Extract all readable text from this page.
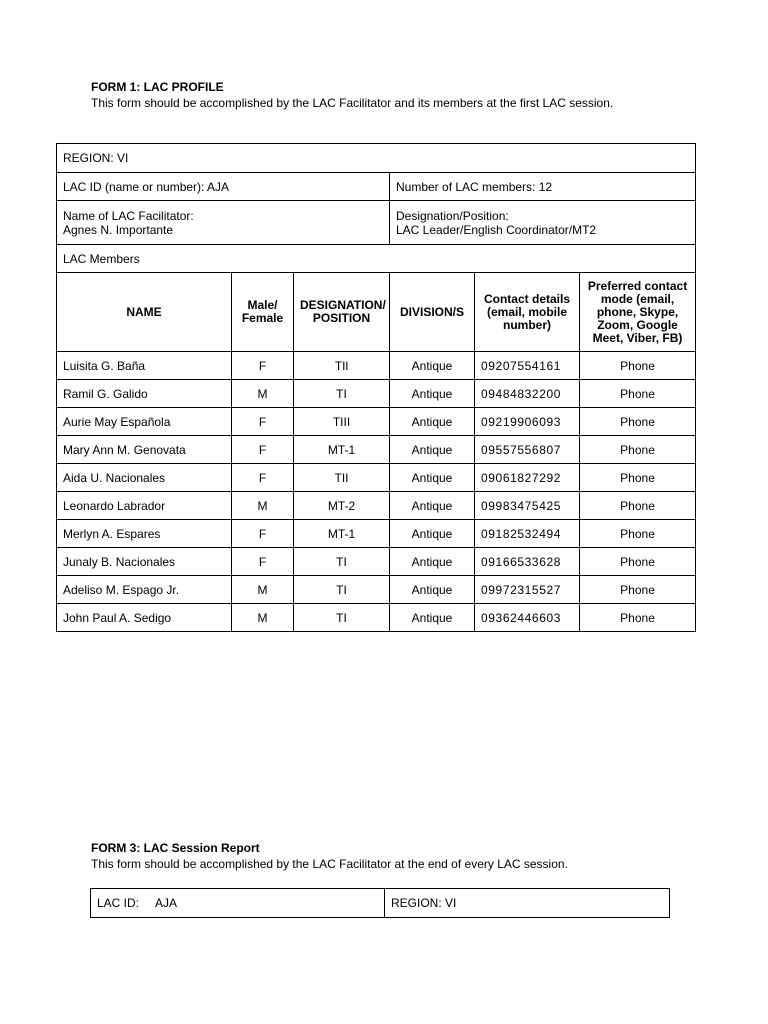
FORM 1: LAC PROFILE
This form should be accomplished by the LAC Facilitator and its members at the first LAC session.
REGION: VI					
LAC ID (name or number): AJA			Number of LAC members: 12		

Name of LAC Facilitator:
Agnes N. Importante			Designation/Position:
LAC Leader/English Coordinator/MT2		

LAC Members					
NAME	Male/ Female	DESIGNATION/ POSITION	DIVISION/S	Contact details (email, mobile number)	Preferred contact mode (email, phone, Skype, Zoom, Google Meet, Viber, FB)
Luisita G. Baña	F	TIl	Antique	09207554161	Phone
Ramil G. Galido	M	TI	Antique	09484832200	Phone
Aurie May Española	F	TIII	Antique	09219906093	Phone
Mary Ann M. Genovata	F	MT-1	Antique	09557556807	Phone
Aida U. Nacionales	F	TII	Antique	09061827292	Phone
Leonardo Labrador	M	MT-2	Antique	09983475425	Phone
Merlyn A. Espares	F	MT-1	Antique	09182532494	Phone
Junaly B. Nacionales	F	TI	Antique	09166533628	Phone
Adeliso M. Espago Jr.	M	TI	Antique	09972315527	Phone
John Paul A. Sedigo	M	TI	Antique	09362446603	Phone
FORM 3: LAC Session Report
This form should be accomplished by the LAC Facilitator at the end of every LAC session.
LAC ID: AJA	REGION: VI
